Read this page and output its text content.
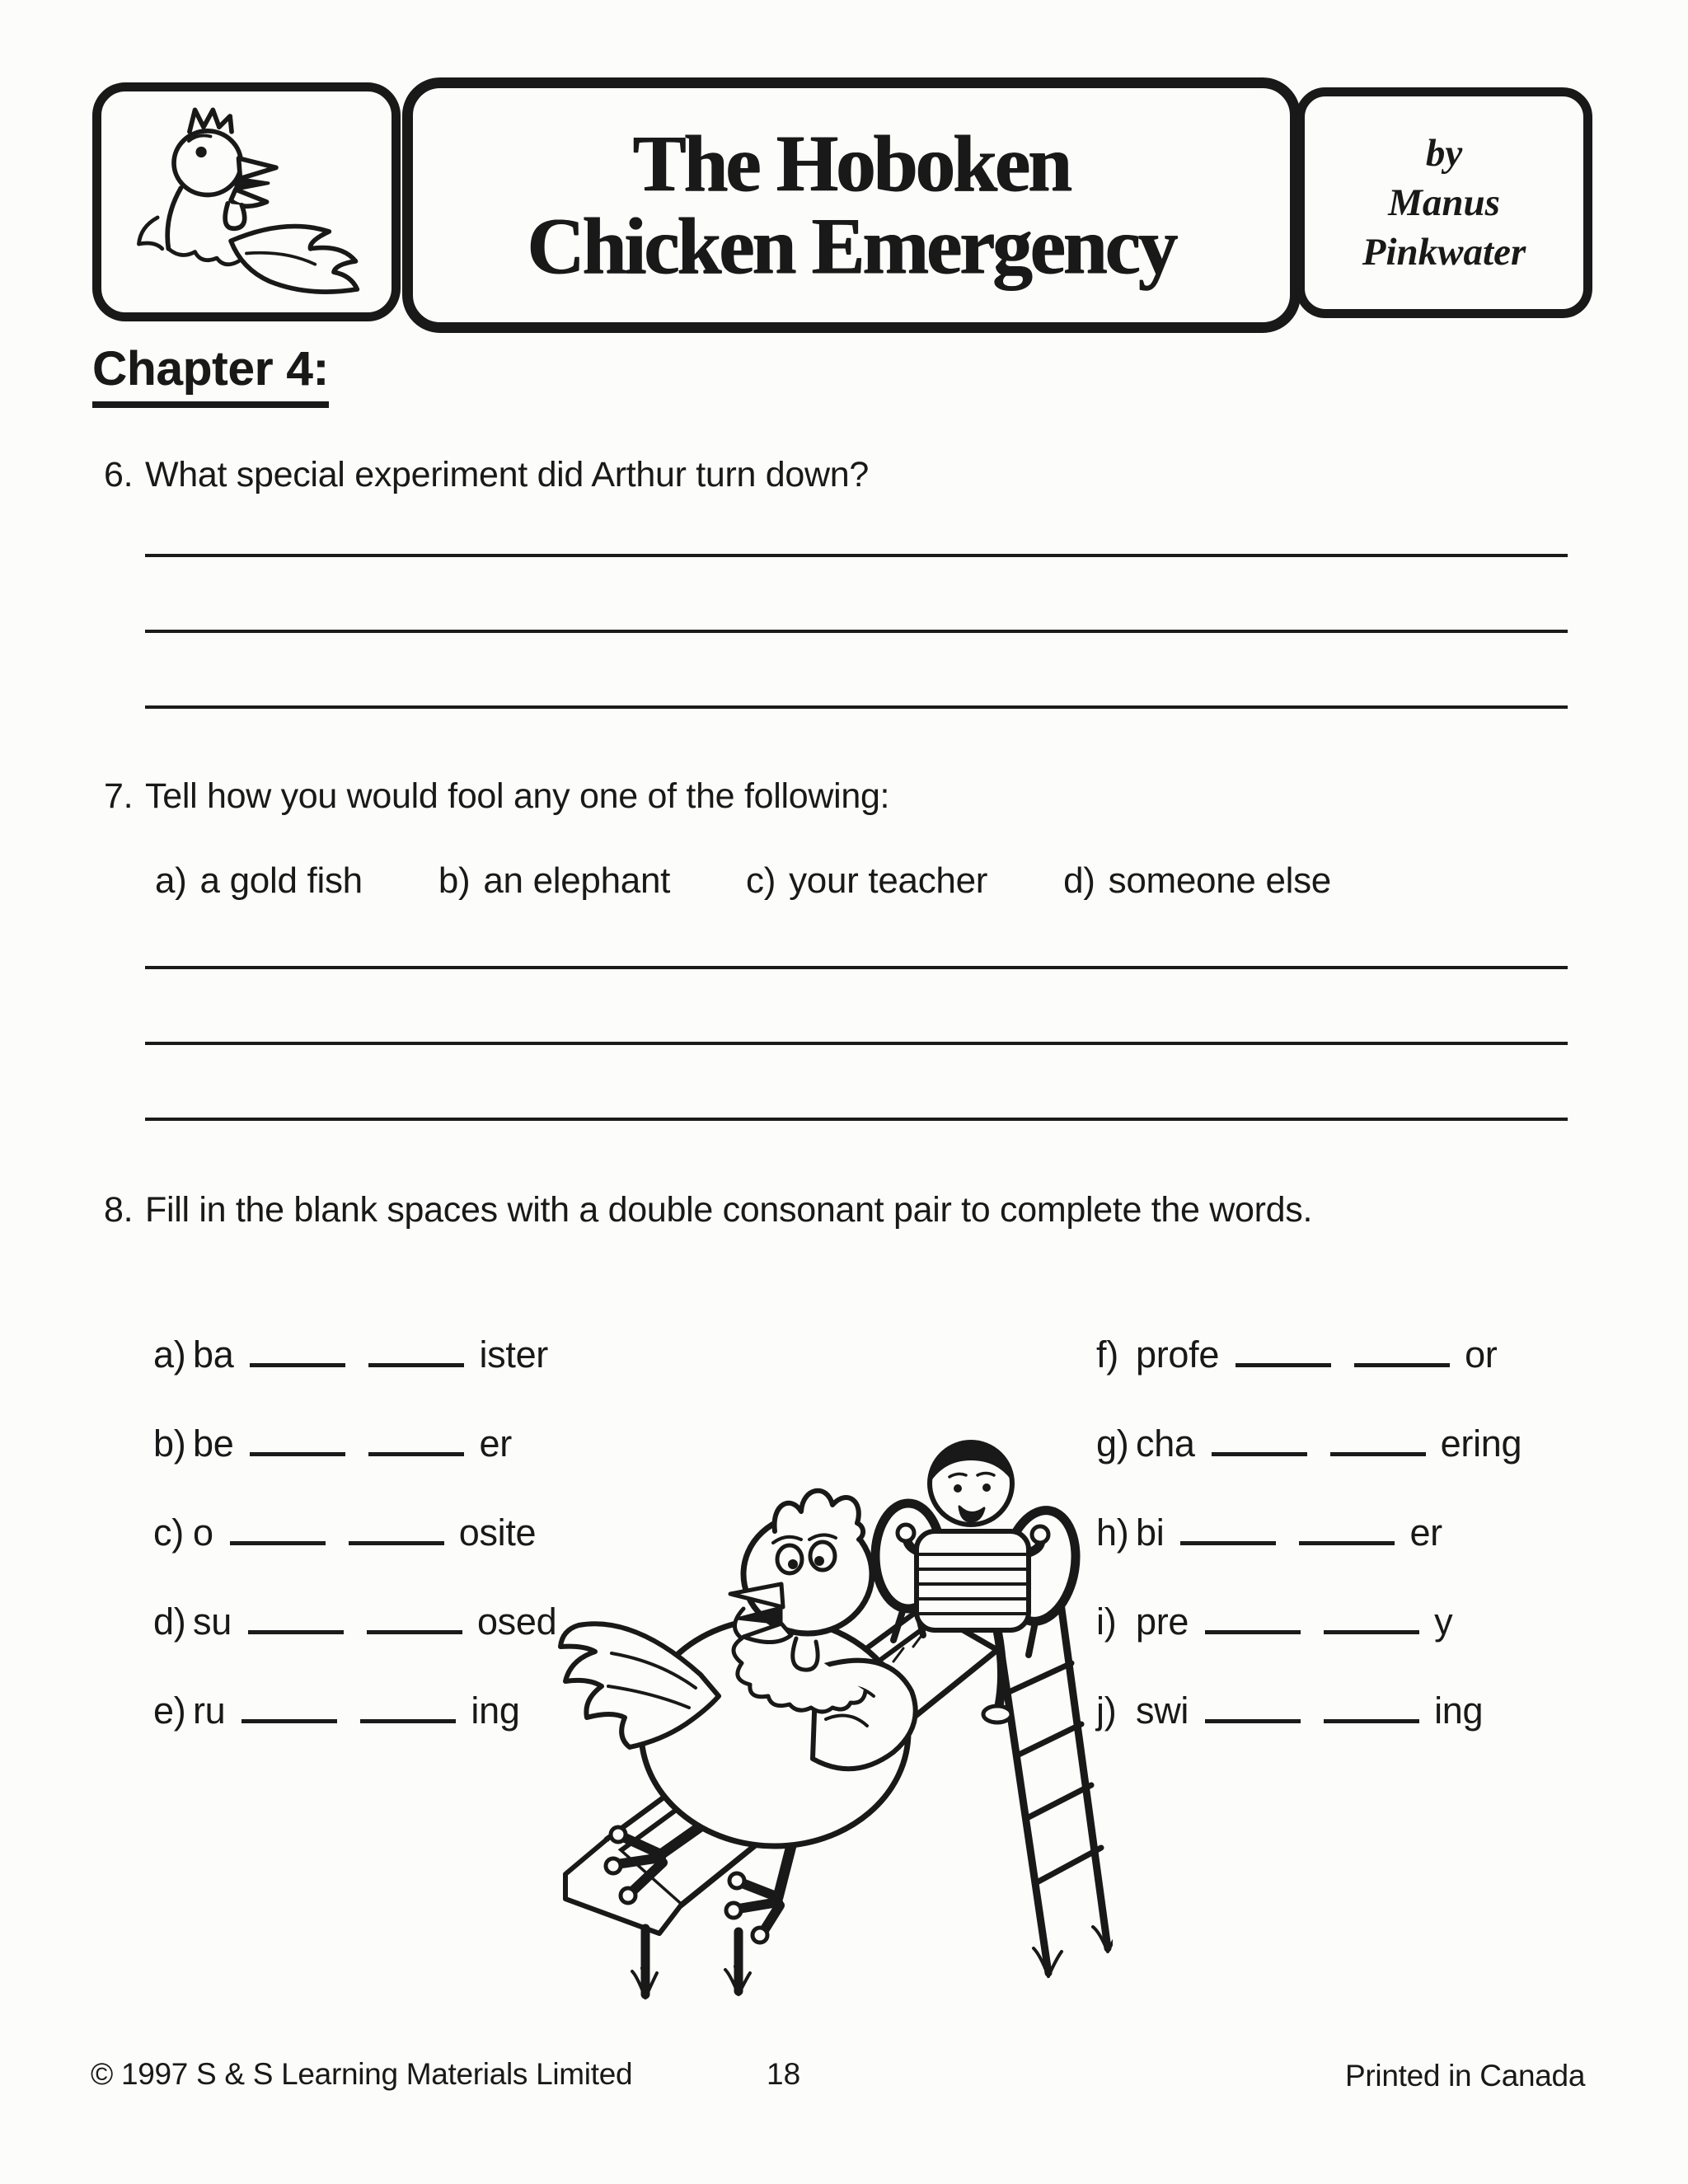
The Hoboken
Chicken Emergency
by
Manus
Pinkwater
Chapter 4:
6. What special experiment did Arthur turn down?
7. Tell how you would fool any one of the following:
a) a gold fish b) an elephant c) your teacher d) someone else
8. Fill in the blank spaces with a double consonant pair to complete the words.
a) ba	ister
b) be	er
c) o	osite
d) su	osed
e) ru	ing
f) profe	or
g) cha	ering
h) bi	er
i) pre	y
j) swi	ing
© 1997 S & S Learning Materials Limited	18	Printed in Canada
